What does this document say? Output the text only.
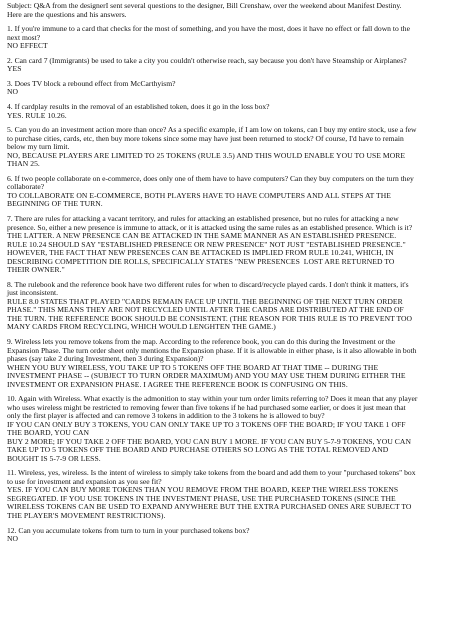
Subject: Q&A from the designerI sent several questions to the designer, Bill Crenshaw, over the weekend about Manifest Destiny.
Here are the questions and his answers.

1. If you're immune to a card that checks for the most of something, and you have the most, does it have no effect or fall down to the
next most?

NO EFFECT

2. Can card 7 (Immigrants) be used to take a city you couldn't otherwise reach, say because you don't have Steamship or Airplanes?

YES

3. Does TV block a rebound effect from McCarthyism?

NO

4. If cardplay results in the removal of an established token, does it go in the loss box?

YES. RULE 10.26.

5. Can you do an investment action more than once? As a specific example, if I am low on tokens, can I buy my entire stock, use a few
to purchase cities, cards, etc, then buy more tokens since some may have just been returned to stock? Of course, I'd have to remain
below my turn limit.

NO, BECAUSE PLAYERS ARE LIMITED TO 25 TOKENS (RULE 3.5) AND THIS WOULD ENABLE YOU TO USE MORE
THAN 25.

6. If two people collaborate on e-commerce, does only one of them have to have computers? Can they buy computers on the turn they
collaborate?

TO COLLABORATE ON E-COMMERCE, BOTH PLAYERS HAVE TO HAVE COMPUTERS AND ALL STEPS AT THE
BEGINNING OF THE TURN.

7. There are rules for attacking a vacant territory, and rules for attacking an established presence, but no rules for attacking a new
presence. So, either a new presence is immune to attack, or it is attacked using the same rules as an established presence. Which is it?

THE LATTER. A NEW PRESENCE CAN BE ATTACKED IN THE SAME MANNER AS AN ESTABLISHED PRESENCE.
RULE 10.24 SHOULD SAY "ESTABLISHED PRESENCE OR NEW PRESENCE" NOT JUST "ESTABLISHED PRESENCE."
HOWEVER, THE FACT THAT NEW PRESENCES CAN BE ATTACKED IS IMPLIED FROM RULE 10.241, WHICH, IN
DESCRIBING COMPETITION DIE ROLLS, SPECIFICALLY STATES "NEW PRESENCES  LOST ARE RETURNED TO
THEIR OWNER."

8. The rulebook and the reference book have two different rules for when to discard/recycle played cards. I don't think it matters, it's
just inconsistent.

RULE 8.0 STATES THAT PLAYED "CARDS REMAIN FACE UP UNTIL THE BEGINNING OF THE NEXT TURN ORDER
PHASE." THIS MEANS THEY ARE NOT RECYCLED UNTIL AFTER THE CARDS ARE DISTRIBUTED AT THE END OF
THE TURN. THE REFERENCE BOOK SHOULD BE CONSISTENT. (THE REASON FOR THIS RULE IS TO PREVENT TOO
MANY CARDS FROM RECYCLING, WHICH WOULD LENGHTEN THE GAME.)

9. Wireless lets you remove tokens from the map. According to the reference book, you can do this during the Investment or the
Expansion Phase. The turn order sheet only mentions the Expansion phase. If it is allowable in either phase, is it also allowable in both
phases (say take 2 during Investment, then 3 during Expansion)?

WHEN YOU BUY WIRELESS, YOU TAKE UP TO 5 TOKENS OFF THE BOARD AT THAT TIME -- DURING THE
INVESTMENT PHASE -- (SUBJECT TO TURN ORDER MAXIMUM) AND YOU MAY USE THEM DURING EITHER THE
INVESTMENT OR EXPANSION PHASE. I AGREE THE REFERENCE BOOK IS CONFUSING ON THIS.

10. Again with Wireless. What exactly is the admonition to stay within your turn order limits referring to? Does it mean that any player
who uses wireless might be restricted to removing fewer than five tokens if he had purchased some earlier, or does it just mean that
only the first player is affected and can remove 3 tokens in addition to the 3 tokens he is allowed to buy?

IF YOU CAN ONLY BUY 3 TOKENS, YOU CAN ONLY TAKE UP TO 3 TOKENS OFF THE BOARD; IF YOU TAKE 1 OFF
THE BOARD, YOU CAN
BUY 2 MORE; IF YOU TAKE 2 OFF THE BOARD, YOU CAN BUY 1 MORE. IF YOU CAN BUY 5-7-9 TOKENS, YOU CAN
TAKE UP TO 5 TOKENS OFF THE BOARD AND PURCHASE OTHERS SO LONG AS THE TOTAL REMOVED AND
BOUGHT IS 5-7-9 OR LESS.

11. Wireless, yes, wireless. Is the intent of wireless to simply take tokens from the board and add them to your "purchased tokens" box
to use for investment and expansion as you see fit?

YES. IF YOU CAN BUY MORE TOKENS THAN YOU REMOVE FROM THE BOARD, KEEP THE WIRELESS TOKENS
SEGREGATED. IF YOU USE TOKENS IN THE INVESTMENT PHASE, USE THE PURCHASED TOKENS (SINCE THE
WIRELESS TOKENS CAN BE USED TO EXPAND ANYWHERE BUT THE EXTRA PURCHASED ONES ARE SUBJECT TO
THE PLAYER'S MOVEMENT RESTRICTIONS).

12. Can you accumulate tokens from turn to turn in your purchased tokens box?

NO
